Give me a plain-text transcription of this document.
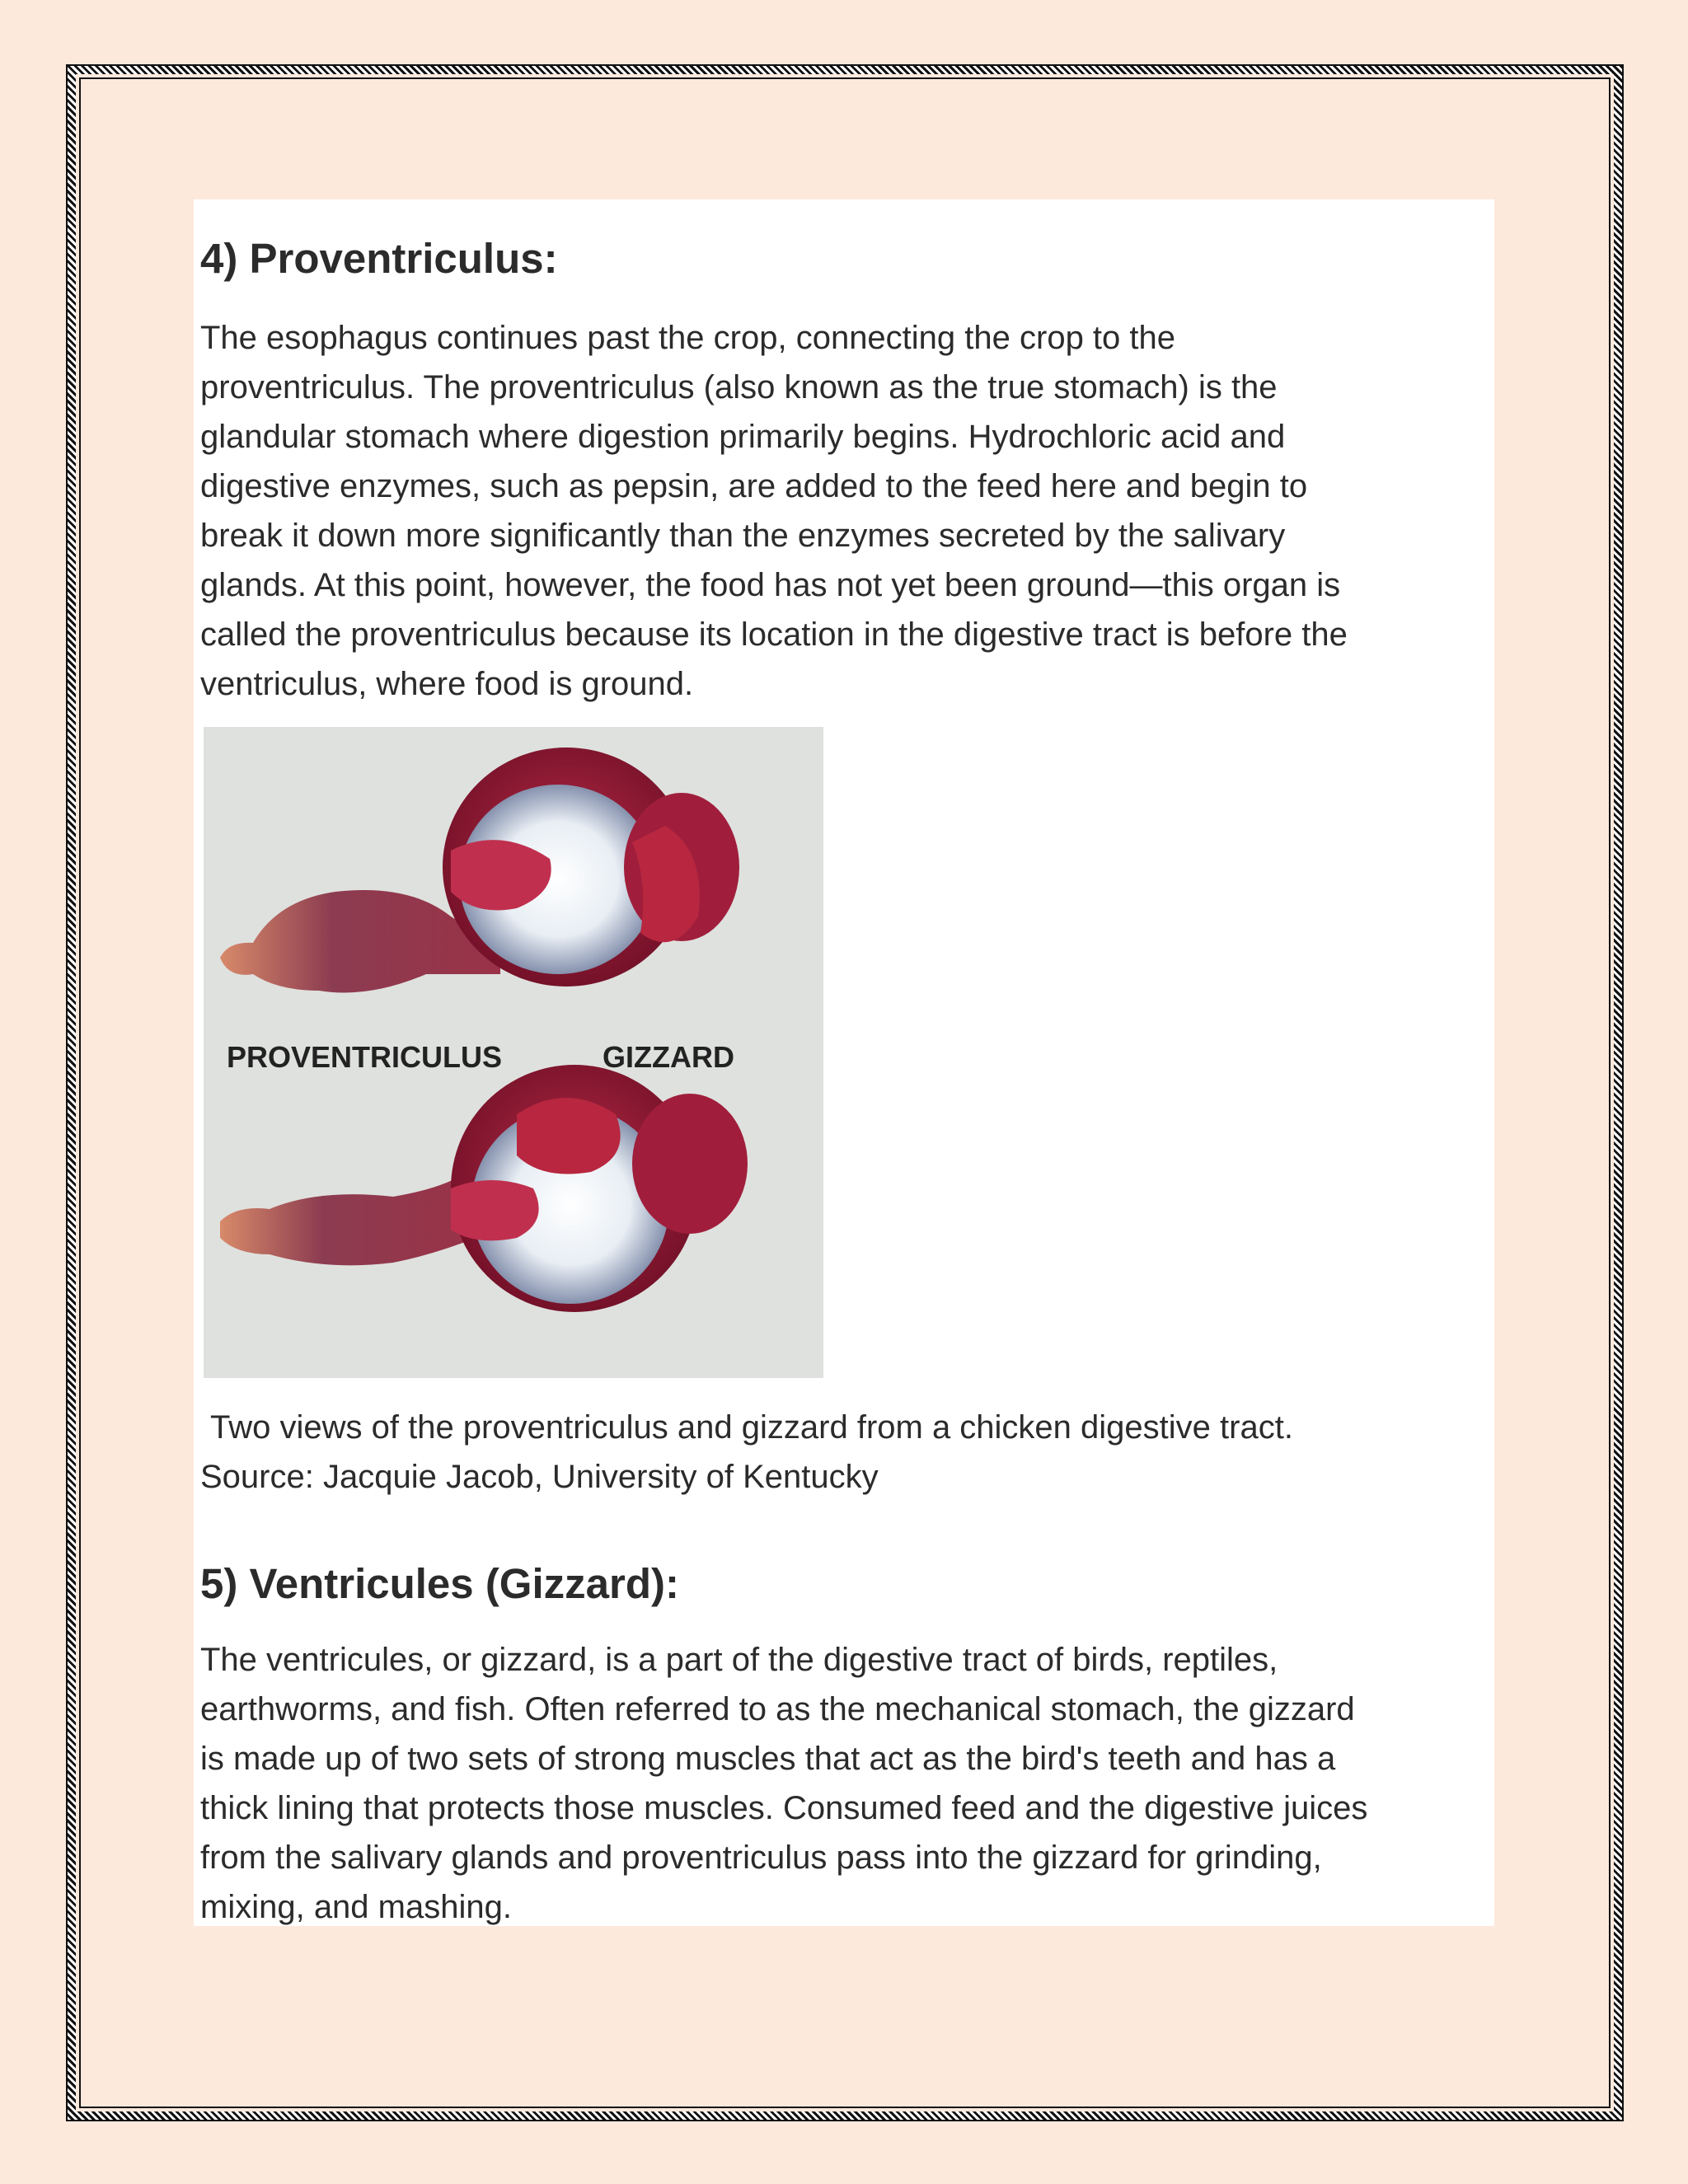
4) Proventriculus:

The esophagus continues past the crop, connecting the crop to the
proventriculus. The proventriculus (also known as the true stomach) is the
glandular stomach where digestion primarily begins. Hydrochloric acid and
digestive enzymes, such as pepsin, are added to the feed here and begin to
break it down more significantly than the enzymes secreted by the salivary
glands. At this point, however, the food has not yet been ground—this organ is
called the proventriculus because its location in the digestive tract is before the
ventriculus, where food is ground.

PROVENTRICULUS	GIZZARD
Two views of the proventriculus and gizzard from a chicken digestive tract.
Source: Jacquie Jacob, University of Kentucky
5) Ventricules (Gizzard):

The ventricules, or gizzard, is a part of the digestive tract of birds, reptiles,
earthworms, and fish. Often referred to as the mechanical stomach, the gizzard
is made up of two sets of strong muscles that act as the bird's teeth and has a
thick lining that protects those muscles. Consumed feed and the digestive juices
from the salivary glands and proventriculus pass into the gizzard for grinding,
mixing, and mashing.
